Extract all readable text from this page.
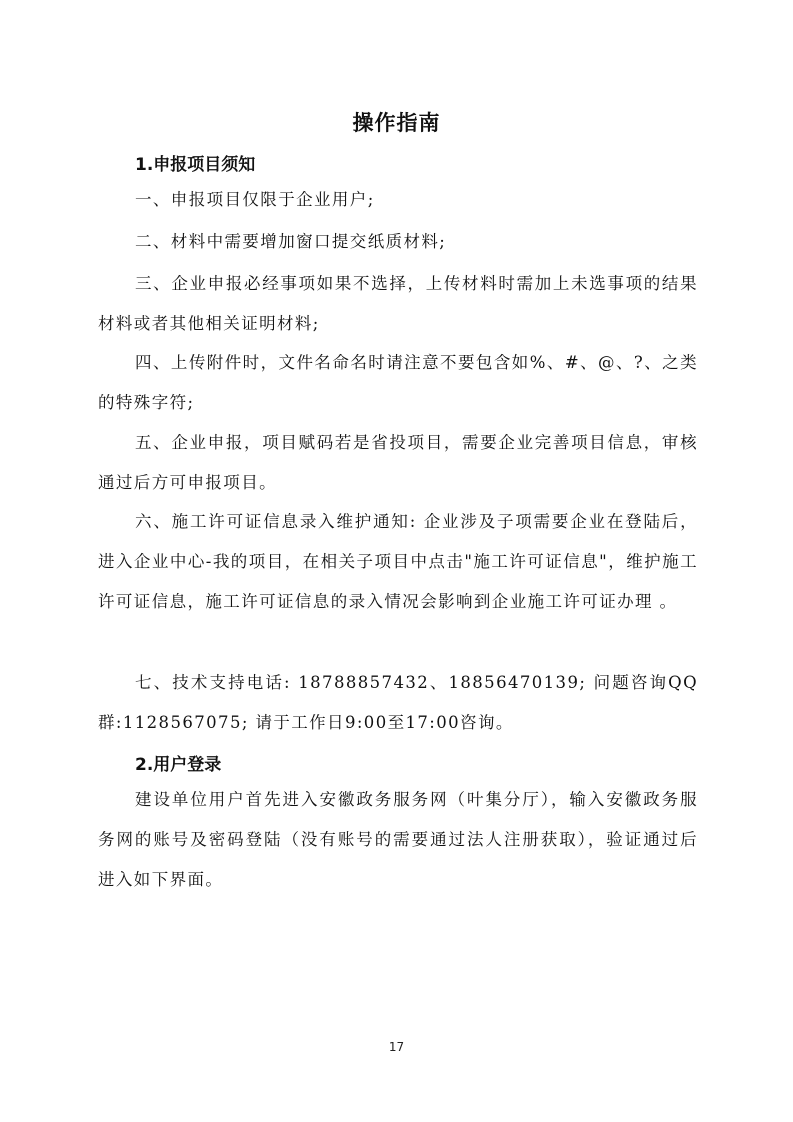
操作指南
1.申报项目须知

一、申报项目仅限于企业用户;

二、材料中需要增加窗口提交纸质材料;

三、企业申报必经事项如果不选择，上传材料时需加上未选事项的结果材料或者其他相关证明材料;

四、上传附件时，文件名命名时请注意不要包含如%、#、@、?、之类的特殊字符;

五、企业申报，项目赋码若是省投项目，需要企业完善项目信息，审核通过后方可申报项目。

六、施工许可证信息录入维护通知: 企业涉及子项需要企业在登陆后，进入企业中心-我的项目，在相关子项目中点击"施工许可证信息"，维护施工许可证信息，施工许可证信息的录入情况会影响到企业施工许可证办理 。

七、技术支持电话: 18788857432、18856470139; 问题咨询QQ群:1128567075; 请于工作日9:00至17:00咨询。

2.用户登录

建设单位用户首先进入安徽政务服务网（叶集分厅），输入安徽政务服务网的账号及密码登陆（没有账号的需要通过法人注册获取），验证通过后进入如下界面。

17
